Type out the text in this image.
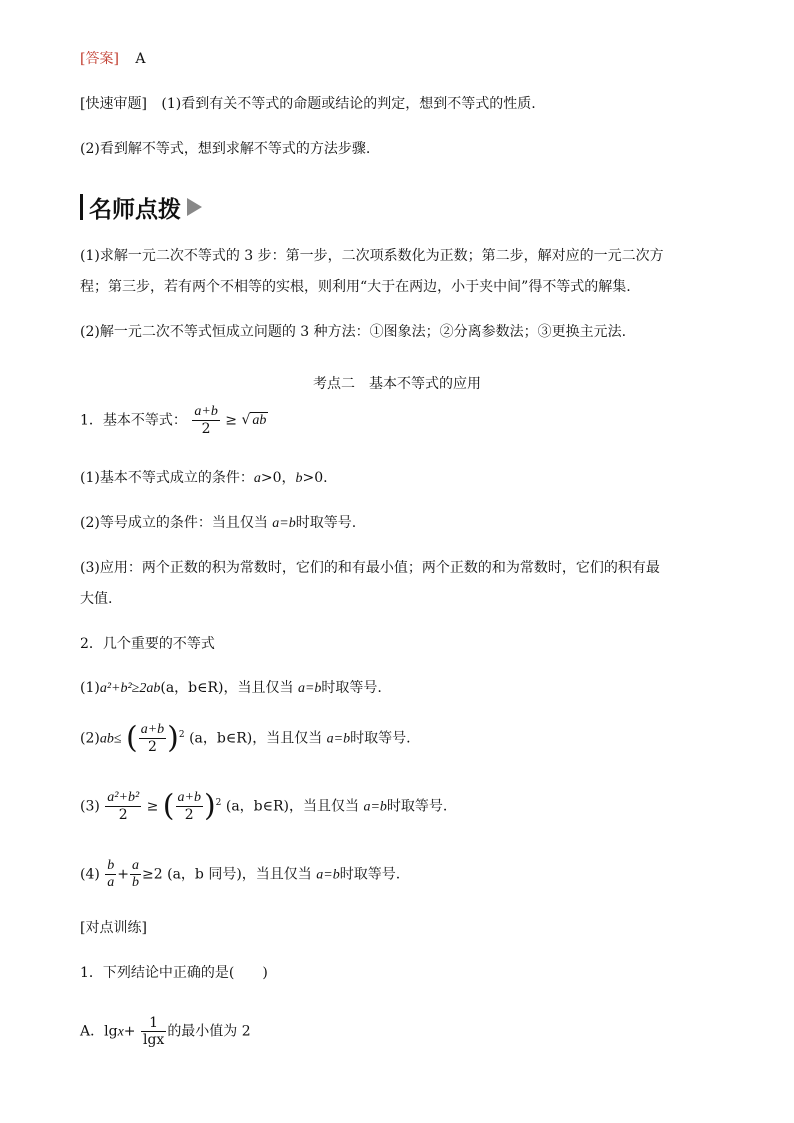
[答案] A
[快速审题] (1)看到有关不等式的命题或结论的判定，想到不等式的性质.
(2)看到解不等式，想到求解不等式的方法步骤.
名师点拨
(1)求解一元二次不等式的 3 步：第一步，二次项系数化为正数；第二步，解对应的一元二次方
程；第三步，若有两个不相等的实根，则利用“大于在两边，小于夹中间”得不等式的解集.
(2)解一元二次不等式恒成立问题的 3 种方法：①图象法；②分离参数法；③更换主元法.
考点二　基本不等式的应用
1．基本不等式： $\frac{a+b}{2}$ ≥ √ ab
(1)基本不等式成立的条件：a>0，b>0.
(2)等号成立的条件：当且仅当 a=b时取等号.
(3)应用：两个正数的积为常数时，它们的和有最小值；两个正数的和为常数时，它们的积有最
大值.
2．几个重要的不等式
(1)a²+b²≥2ab(a，b∈R)，当且仅当 a=b时取等号.
(2)ab≤ ( $\frac{a+b}{2} )^2$ (a，b∈R)，当且仅当 a=b时取等号.
$(3) \frac{\text{a²+b²}}{2}$ ≥ ( $\frac{a+b}{2} )^2$ (a，b∈R)，当且仅当 a=b时取等号.
$(4) \frac{b}{a} + \frac{a}{b} \ge 2$ (a，b 同号)，当且仅当 a=b时取等号.
[对点训练]
1．下列结论中正确的是(　　)
A．$\lg x+ \frac{1}{\lg x}$ 的最小值为 2
